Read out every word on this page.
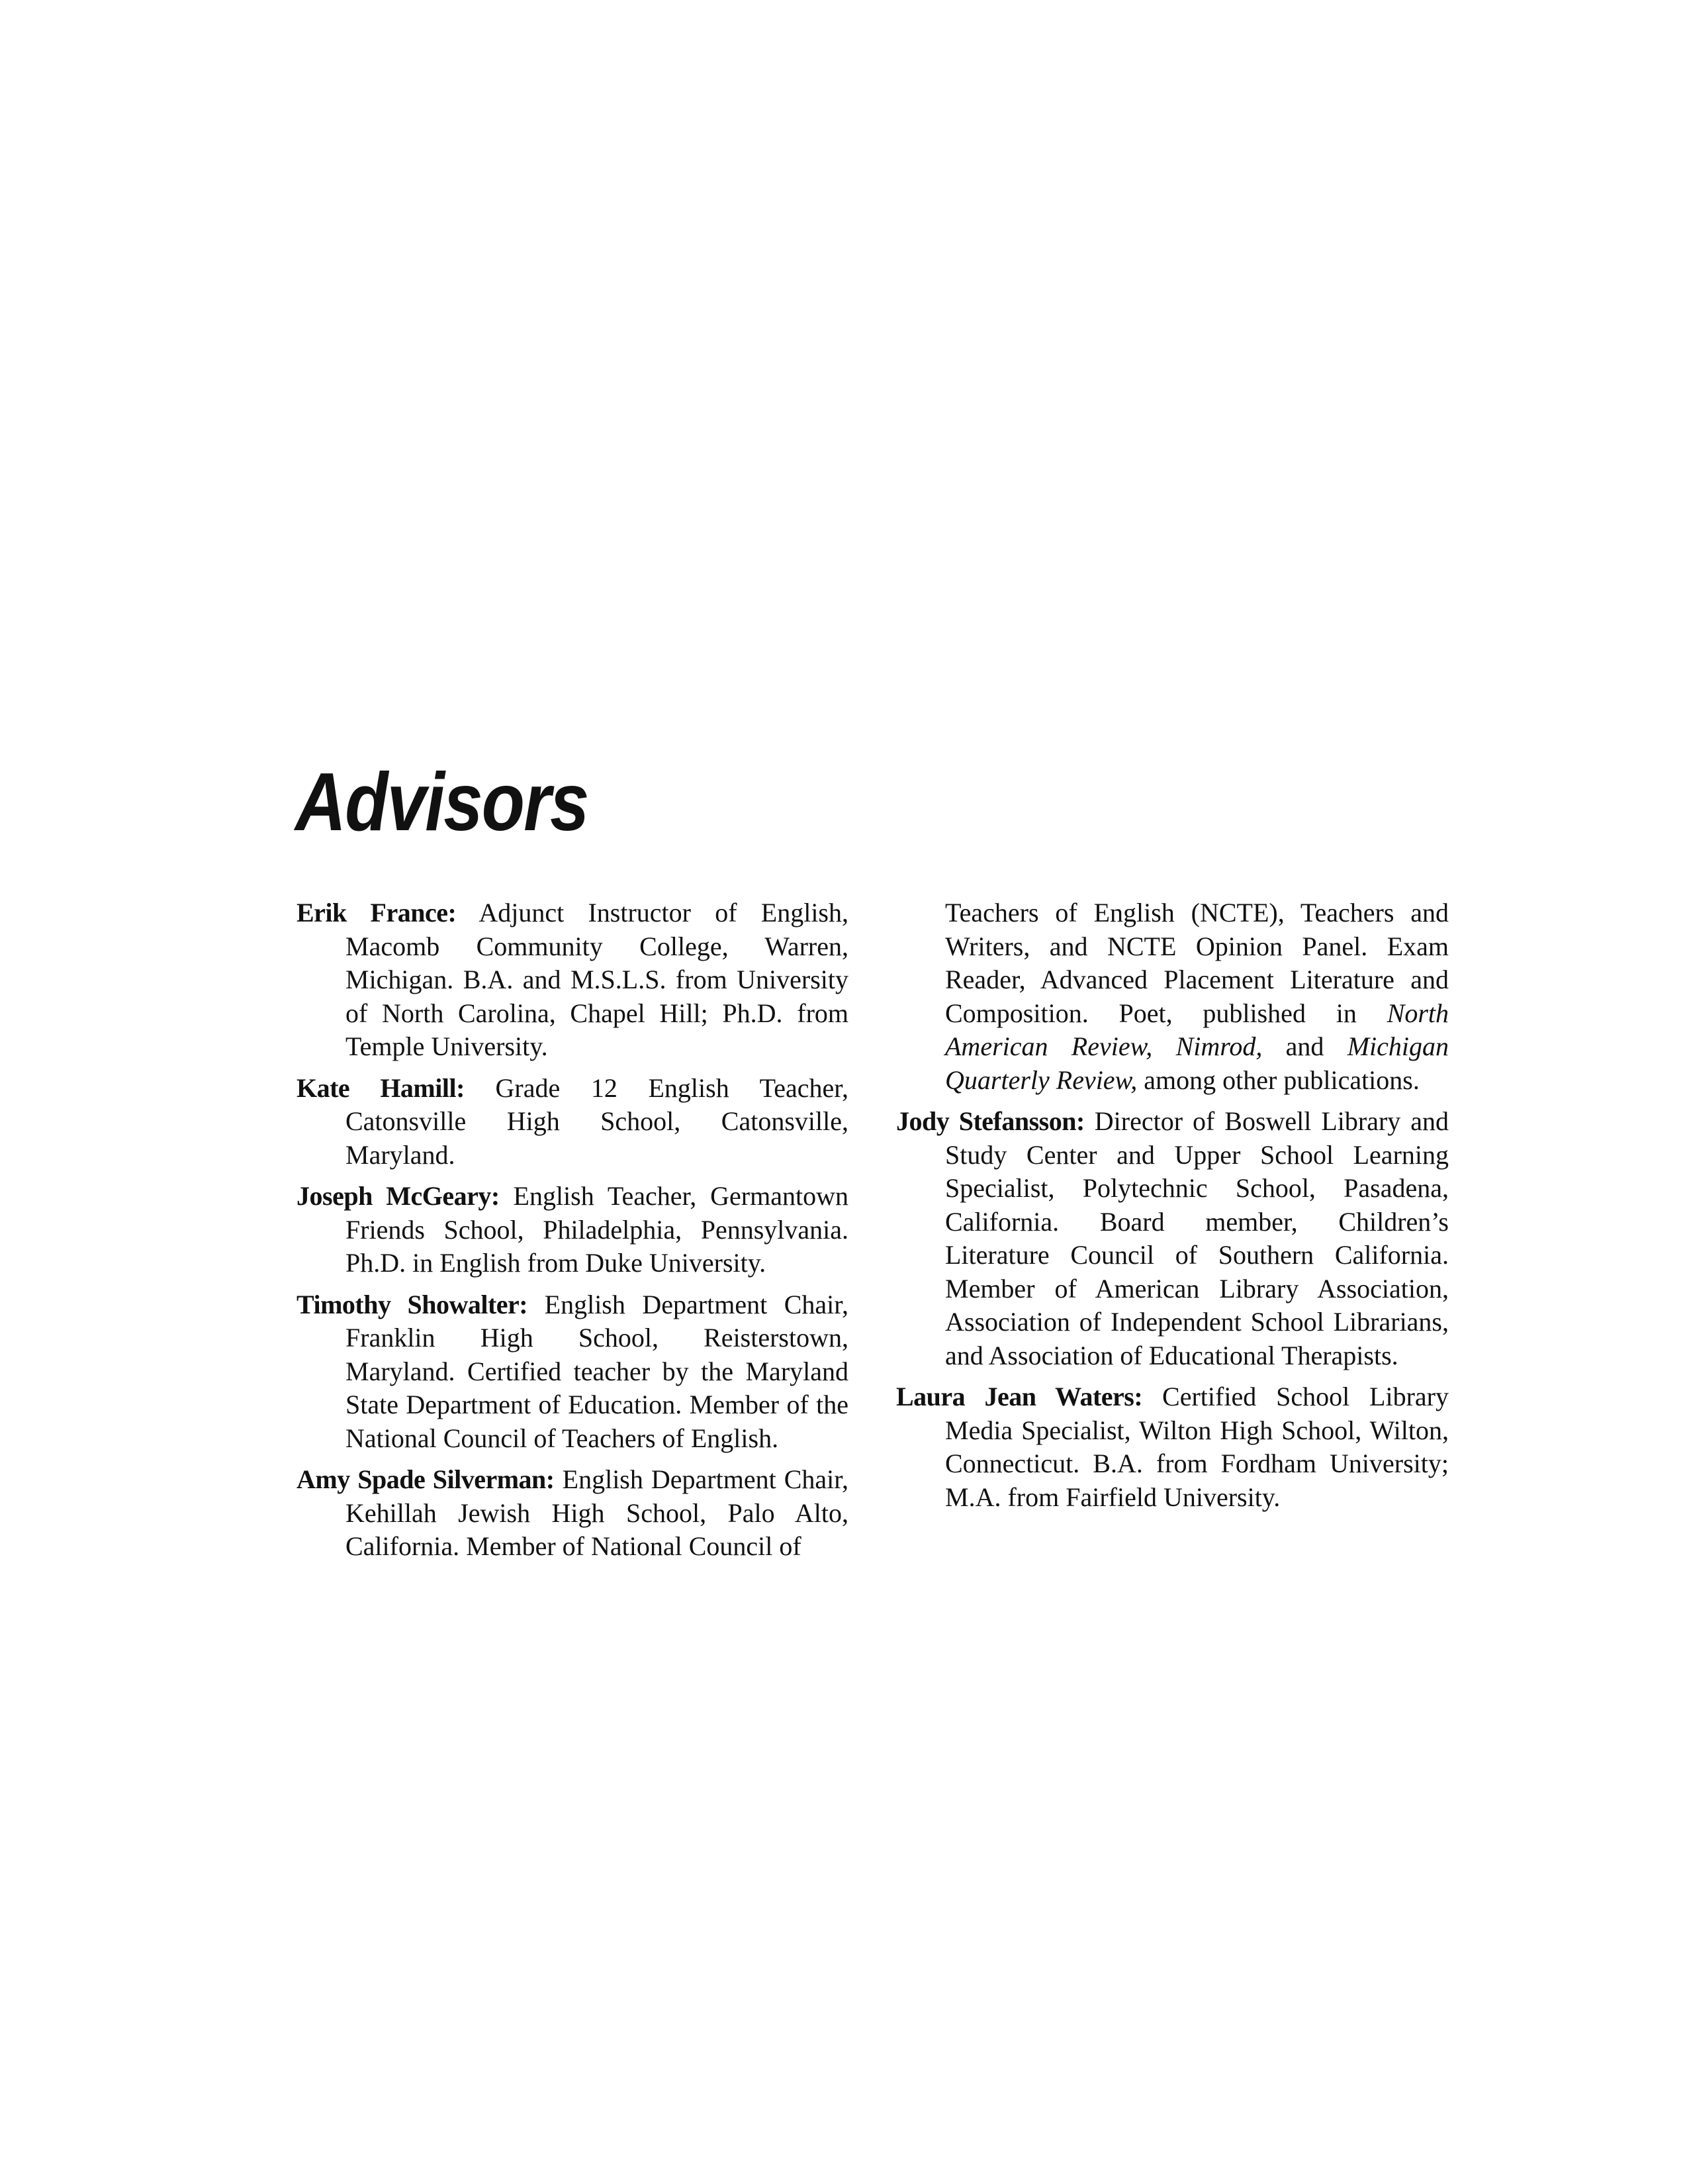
Advisors

Erik France: Adjunct Instructor of English, Macomb Community College, Warren, Michigan. B.A. and M.S.L.S. from University of North Carolina, Chapel Hill; Ph.D. from Temple University.

Kate Hamill: Grade 12 English Teacher, Catonsville High School, Catonsville, Maryland.

Joseph McGeary: English Teacher, Germantown Friends School, Philadelphia, Pennsylvania. Ph.D. in English from Duke University.

Timothy Showalter: English Department Chair, Franklin High School, Reisterstown, Maryland. Certified teacher by the Maryland State Department of Education. Member of the National Council of Teachers of English.

Amy Spade Silverman: English Department Chair, Kehillah Jewish High School, Palo Alto, California. Member of National Council of

Teachers of English (NCTE), Teachers and Writers, and NCTE Opinion Panel. Exam Reader, Advanced Placement Literature and Composition. Poet, published in North American Review, Nimrod, and Michigan Quarterly Review, among other publications.

Jody Stefansson: Director of Boswell Library and Study Center and Upper School Learning Specialist, Polytechnic School, Pasadena, California. Board member, Children’s Literature Council of Southern California. Member of American Library Association, Association of Independent School Librarians, and Association of Educational Therapists.

Laura Jean Waters: Certified School Library Media Specialist, Wilton High School, Wilton, Connecticut. B.A. from Fordham University; M.A. from Fairfield University.
